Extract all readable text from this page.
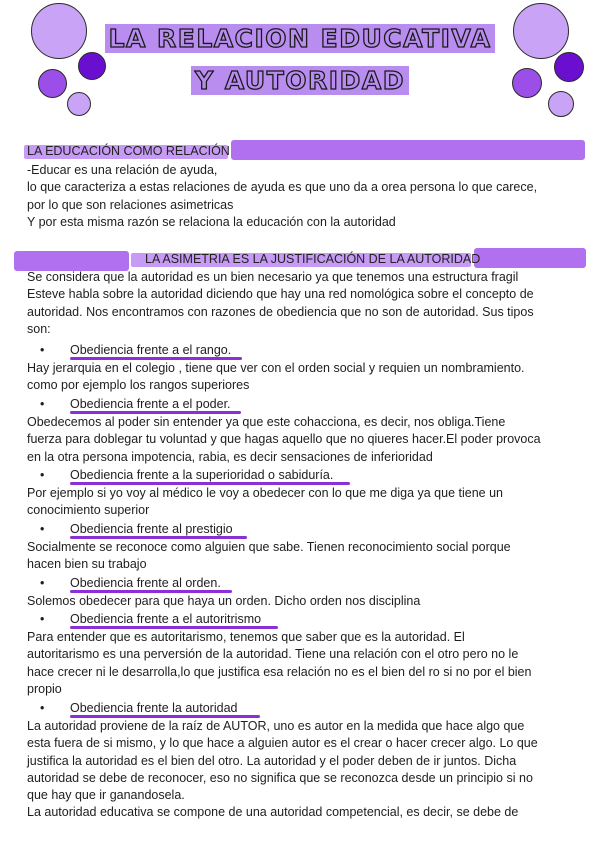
LA RELACION EDUCATIVA
Y AUTORIDAD
LA EDUCACIÓN COMO RELACIÓN

-Educar es una relación de ayuda,

lo que caracteriza a estas relaciones de ayuda es que uno da a orea persona lo que carece,

por lo que son relaciones asimetricas

Y por esta misma razón se relaciona la educación con la autoridad

LA ASIMETRIA ES LA JUSTIFICACIÓN DE LA AUTORIDAD

Se considera que la autoridad es un bien necesario ya que tenemos una estructura fragil

Esteve habla sobre la autoridad diciendo que hay una red nomológica sobre el concepto de

autoridad. Nos encontramos con razones de obediencia que no son de autoridad. Sus tipos

son:

• Obediencia frente a el rango.

Hay jerarquia en el colegio , tiene que ver con el orden social y requien un nombramiento.

como por ejemplo los rangos superiores

• Obediencia frente a el poder.

Obedecemos al poder sin entender ya que este cohacciona, es decir, nos obliga.Tiene

fuerza para doblegar tu voluntad y que hagas aquello que no qiueres hacer.El poder provoca

en la otra persona impotencia, rabia, es decir sensaciones de inferioridad

• Obediencia frente a la superioridad o sabiduría.

Por ejemplo si yo voy al médico le voy a obedecer con lo que me diga ya que tiene un

conocimiento superior

• Obediencia frente al prestigio

Socialmente se reconoce como alguien que sabe. Tienen reconocimiento social porque

hacen bien su trabajo

• Obediencia frente al orden.

Solemos obedecer para que haya un orden. Dicho orden nos disciplina

• Obediencia frente a el autoritrismo

Para entender que es autoritarismo, tenemos que saber que es la autoridad. El

autoritarismo es una perversión de la autoridad. Tiene una relación con el otro pero no le

hace crecer ni le desarrolla,lo que justifica esa relación no es el bien del ro si no por el bien

propio

• Obediencia frente la autoridad

La autoridad proviene de la raíz de AUTOR, uno es autor en la medida que hace algo que

esta fuera de si mismo, y lo que hace a alguien autor es el crear o hacer crecer algo. Lo que

justifica la autoridad es el bien del otro. La autoridad y el poder deben de ir juntos. Dicha

autoridad se debe de reconocer, eso no significa que se reconozca desde un principio si no

que hay que ir ganandosela.

La autoridad educativa se compone de una autoridad competencial, es decir, se debe de
